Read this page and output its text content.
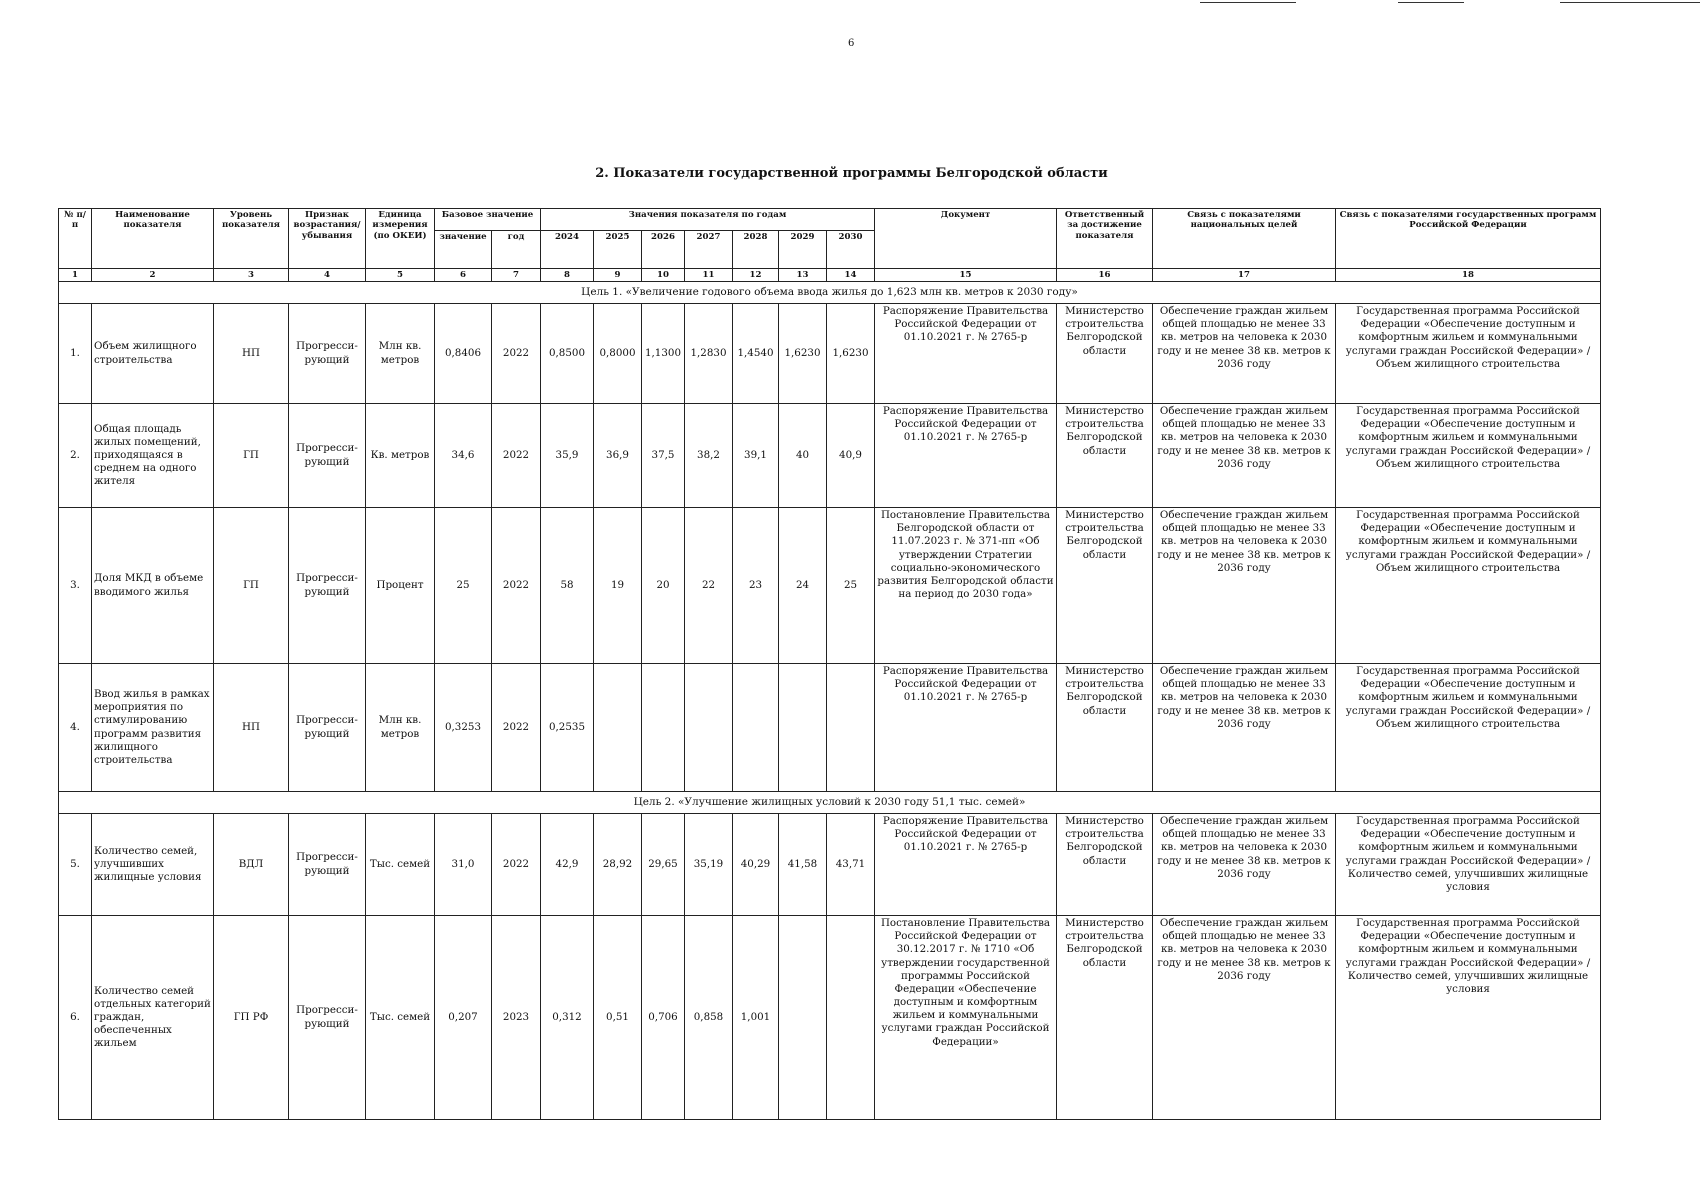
6
2. Показатели государственной программы Белгородской области
№ п/п	Наименование показателя	Уровень показателя	Признак возрастания/ убывания	Единица измерения (по ОКЕИ)	Базовое значение		Значения показателя по годам							Документ	Ответственный за достижение показателя	Связь с показателями национальных целей	Связь с показателями государственных программ Российской Федерации
					значение	год	2024	2025	2026	2027	2028	2029	2030				
1	2	3	4	5	6	7	8	9	10	11	12	13	14	15	16	17	18
Цель 1. «Увеличение годового объема ввода жилья до 1,623 млн кв. метров к 2030 году»																	
1.	Объем жилищного строительства	НП	Прогресси-рующий	Млн кв. метров	0,8406	2022	0,8500	0,8000	1,1300	1,2830	1,4540	1,6230	1,6230	Распоряжение Правительства Российской Федерации от 01.10.2021 г. № 2765-р	Министерство строительства Белгородской области	Обеспечение граждан жильем общей площадью не менее 33 кв. метров на человека к 2030 году и не менее 38 кв. метров к 2036 году	Государственная программа Российской Федерации «Обеспечение доступным и комфортным жильем и коммунальными услугами граждан Российской Федерации» / Объем жилищного строительства
2.	Общая площадь жилых помещений, приходящаяся в среднем на одного жителя	ГП	Прогресси-рующий	Кв. метров	34,6	2022	35,9	36,9	37,5	38,2	39,1	40	40,9	Распоряжение Правительства Российской Федерации от 01.10.2021 г. № 2765-р	Министерство строительства Белгородской области	Обеспечение граждан жильем общей площадью не менее 33 кв. метров на человека к 2030 году и не менее 38 кв. метров к 2036 году	Государственная программа Российской Федерации «Обеспечение доступным и комфортным жильем и коммунальными услугами граждан Российской Федерации» / Объем жилищного строительства
3.	Доля МКД в объеме вводимого жилья	ГП	Прогресси-рующий	Процент	25	2022	58	19	20	22	23	24	25	Постановление Правительства Белгородской области от 11.07.2023 г. № 371-пп «Об утверждении Стратегии социально-экономического развития Белгородской области на период до 2030 года»	Министерство строительства Белгородской области	Обеспечение граждан жильем общей площадью не менее 33 кв. метров на человека к 2030 году и не менее 38 кв. метров к 2036 году	Государственная программа Российской Федерации «Обеспечение доступным и комфортным жильем и коммунальными услугами граждан Российской Федерации» / Объем жилищного строительства
4.	Ввод жилья в рамках мероприятия по стимулированию программ развития жилищного строительства	НП	Прогресси-рующий	Млн кв. метров	0,3253	2022	0,2535							Распоряжение Правительства Российской Федерации от 01.10.2021 г. № 2765-р	Министерство строительства Белгородской области	Обеспечение граждан жильем общей площадью не менее 33 кв. метров на человека к 2030 году и не менее 38 кв. метров к 2036 году	Государственная программа Российской Федерации «Обеспечение доступным и комфортным жильем и коммунальными услугами граждан Российской Федерации» / Объем жилищного строительства
Цель 2. «Улучшение жилищных условий к 2030 году 51,1 тыс. семей»																	
5.	Количество семей, улучшивших жилищные условия	ВДЛ	Прогресси-рующий	Тыс. семей	31,0	2022	42,9	28,92	29,65	35,19	40,29	41,58	43,71	Распоряжение Правительства Российской Федерации от 01.10.2021 г. № 2765-р	Министерство строительства Белгородской области	Обеспечение граждан жильем общей площадью не менее 33 кв. метров на человека к 2030 году и не менее 38 кв. метров к 2036 году	Государственная программа Российской Федерации «Обеспечение доступным и комфортным жильем и коммунальными услугами граждан Российской Федерации» / Количество семей, улучшивших жилищные условия
6.	Количество семей отдельных категорий граждан, обеспеченных жильем	ГП РФ	Прогресси-рующий	Тыс. семей	0,207	2023	0,312	0,51	0,706	0,858	1,001			Постановление Правительства Российской Федерации от 30.12.2017 г. № 1710 «Об утверждении государственной программы Российской Федерации «Обеспечение доступным и комфортным жильем и коммунальными услугами граждан Российской Федерации»	Министерство строительства Белгородской области	Обеспечение граждан жильем общей площадью не менее 33 кв. метров на человека к 2030 году и не менее 38 кв. метров к 2036 году	Государственная программа Российской Федерации «Обеспечение доступным и комфортным жильем и коммунальными услугами граждан Российской Федерации» / Количество семей, улучшивших жилищные условия
